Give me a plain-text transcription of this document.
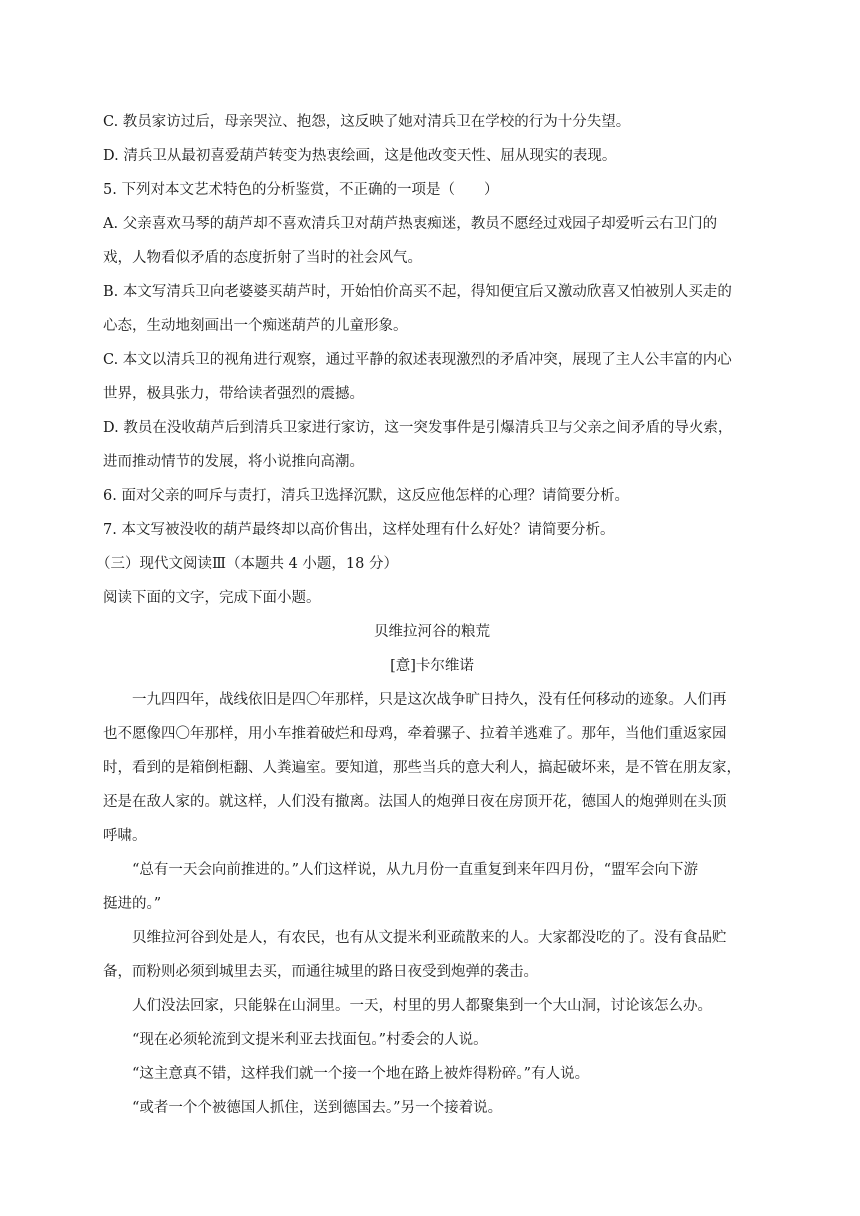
C. 教员家访过后，母亲哭泣、抱怨，这反映了她对清兵卫在学校的行为十分失望。
D. 清兵卫从最初喜爱葫芦转变为热衷绘画，这是他改变天性、屈从现实的表现。
5. 下列对本文艺术特色的分析鉴赏，不正确的一项是（　　）
A. 父亲喜欢马琴的葫芦却不喜欢清兵卫对葫芦热衷痴迷，教员不愿经过戏园子却爱听云右卫门的
戏，人物看似矛盾的态度折射了当时的社会风气。
B. 本文写清兵卫向老婆婆买葫芦时，开始怕价高买不起，得知便宜后又激动欣喜又怕被别人买走的
心态，生动地刻画出一个痴迷葫芦的儿童形象。
C. 本文以清兵卫的视角进行观察，通过平静的叙述表现激烈的矛盾冲突，展现了主人公丰富的内心
世界，极具张力，带给读者强烈的震撼。
D. 教员在没收葫芦后到清兵卫家进行家访，这一突发事件是引爆清兵卫与父亲之间矛盾的导火索，
进而推动情节的发展，将小说推向高潮。
6. 面对父亲的呵斥与责打，清兵卫选择沉默，这反应他怎样的心理？请简要分析。
7. 本文写被没收的葫芦最终却以高价售出，这样处理有什么好处？请简要分析。
（三）现代文阅读Ⅲ（本题共 4 小题，18 分）
阅读下面的文字，完成下面小题。
贝维拉河谷的粮荒
[意]卡尔维诺
一九四四年，战线依旧是四〇年那样，只是这次战争旷日持久，没有任何移动的迹象。人们再
也不愿像四〇年那样，用小车推着破烂和母鸡，牵着骡子、拉着羊逃难了。那年，当他们重返家园
时，看到的是箱倒柜翻、人粪遍室。要知道，那些当兵的意大利人，搞起破坏来，是不管在朋友家，
还是在敌人家的。就这样，人们没有撤离。法国人的炮弹日夜在房顶开花，德国人的炮弹则在头顶
呼啸。
“总有一天会向前推进的。”人们这样说，从九月份一直重复到来年四月份，“盟军会向下游
挺进的。”
贝维拉河谷到处是人，有农民，也有从文提米利亚疏散来的人。大家都没吃的了。没有食品贮
备，而粉则必须到城里去买，而通往城里的路日夜受到炮弹的袭击。
人们没法回家，只能躲在山洞里。一天，村里的男人都聚集到一个大山洞，讨论该怎么办。
“现在必须轮流到文提米利亚去找面包。”村委会的人说。
“这主意真不错，这样我们就一个接一个地在路上被炸得粉碎。”有人说。
“或者一个个被德国人抓住，送到德国去。”另一个接着说。
